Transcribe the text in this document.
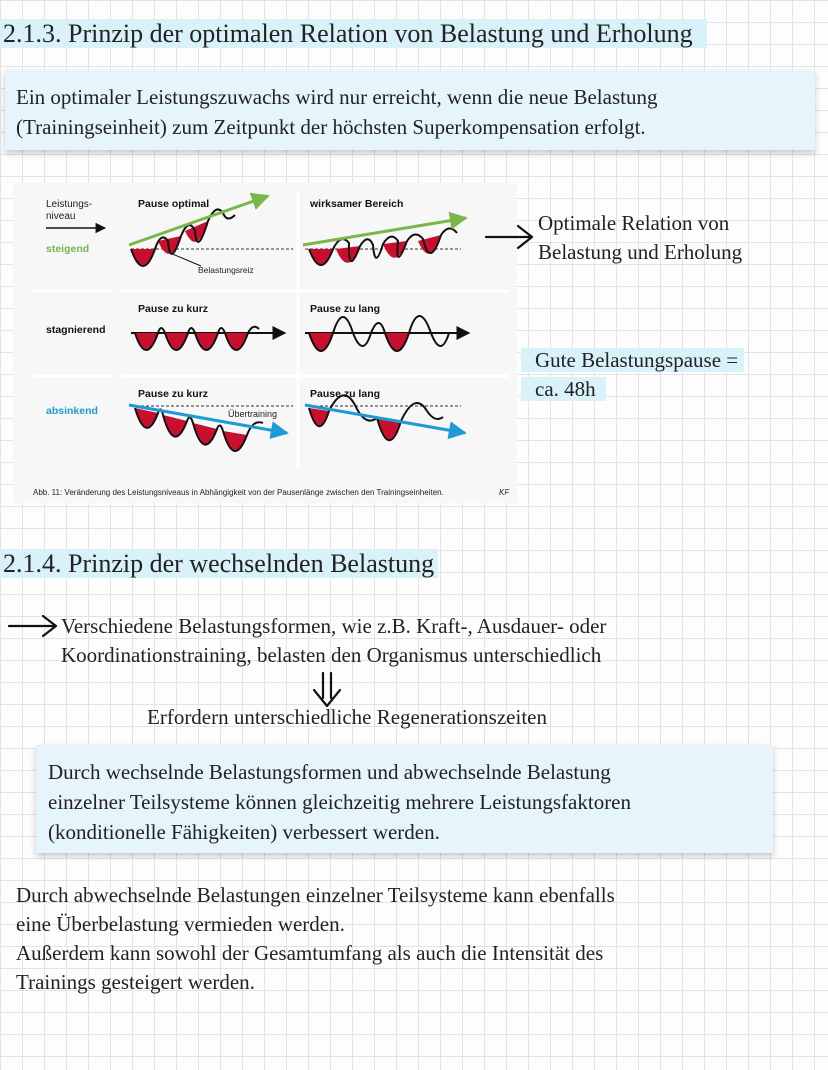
2.1.3. Prinzip der optimalen Relation von Belastung und Erholung
Ein optimaler Leistungszuwachs wird nur erreicht, wenn die neue Belastung
(Trainingseinheit) zum Zeitpunkt der höchsten Superkompensation erfolgt.
Leistungs-
niveau
steigend
stagnierend
absinkend
Pause optimal	wirksamer Bereich
Pause zu kurz	Pause zu lang
Pause zu kurz	Pause zu lang
Belastungsreiz
Übertraining
Abb. 11: Veränderung des Leistungsniveaus in Abhängigkeit von der Pausenlänge zwischen den Trainingseinheiten.	KF
Optimale Relation von
Belastung und Erholung
Gute Belastungspause =
ca. 48h
2.1.4. Prinzip der wechselnden Belastung
Verschiedene Belastungsformen, wie z.B. Kraft-, Ausdauer- oder
Koordinationstraining, belasten den Organismus unterschiedlich
Erfordern unterschiedliche Regenerationszeiten
Durch wechselnde Belastungsformen und abwechselnde Belastung
einzelner Teilsysteme können gleichzeitig mehrere Leistungsfaktoren
(konditionelle Fähigkeiten) verbessert werden.
Durch abwechselnde Belastungen einzelner Teilsysteme kann ebenfalls
eine Überbelastung vermieden werden.
Außerdem kann sowohl der Gesamtumfang als auch die Intensität des
Trainings gesteigert werden.
